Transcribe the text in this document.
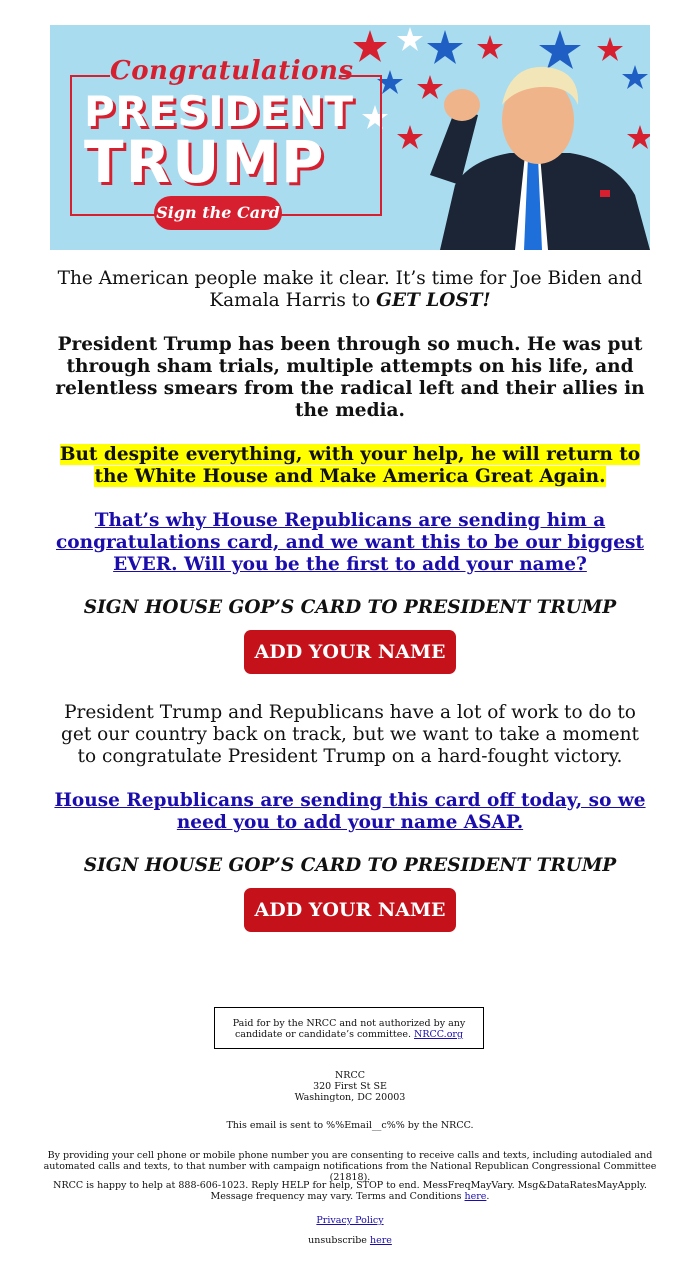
Congratulations
PRESIDENT
TRUMP
Sign the Card
The American people make it clear. It’s time for Joe Biden and Kamala Harris to GET LOST!
President Trump has been through so much. He was put through sham trials, multiple attempts on his life, and relentless smears from the radical left and their allies in the media.
But despite everything, with your help, he will return to the White House and Make America Great Again.
That’s why House Republicans are sending him a congratulations card, and we want this to be our biggest EVER. Will you be the first to add your name?
SIGN HOUSE GOP’S CARD TO PRESIDENT TRUMP
ADD YOUR NAME
President Trump and Republicans have a lot of work to do to get our country back on track, but we want to take a moment to congratulate President Trump on a hard-fought victory.
House Republicans are sending this card off today, so we need you to add your name ASAP.
SIGN HOUSE GOP’S CARD TO PRESIDENT TRUMP
ADD YOUR NAME
Paid for by the NRCC and not authorized by any candidate or candidate’s committee. NRCC.org
NRCC
320 First St SE
Washington, DC 20003
This email is sent to %%Email__c%% by the NRCC.
By providing your cell phone or mobile phone number you are consenting to receive calls and texts, including autodialed and automated calls and texts, to that number with campaign notifications from the National Republican Congressional Committee (21818).
NRCC is happy to help at 888-606-1023. Reply HELP for help, STOP to end. MessFreqMayVary. Msg&DataRatesMayApply. Message frequency may vary. Terms and Conditions here.
Privacy Policy
unsubscribe here
